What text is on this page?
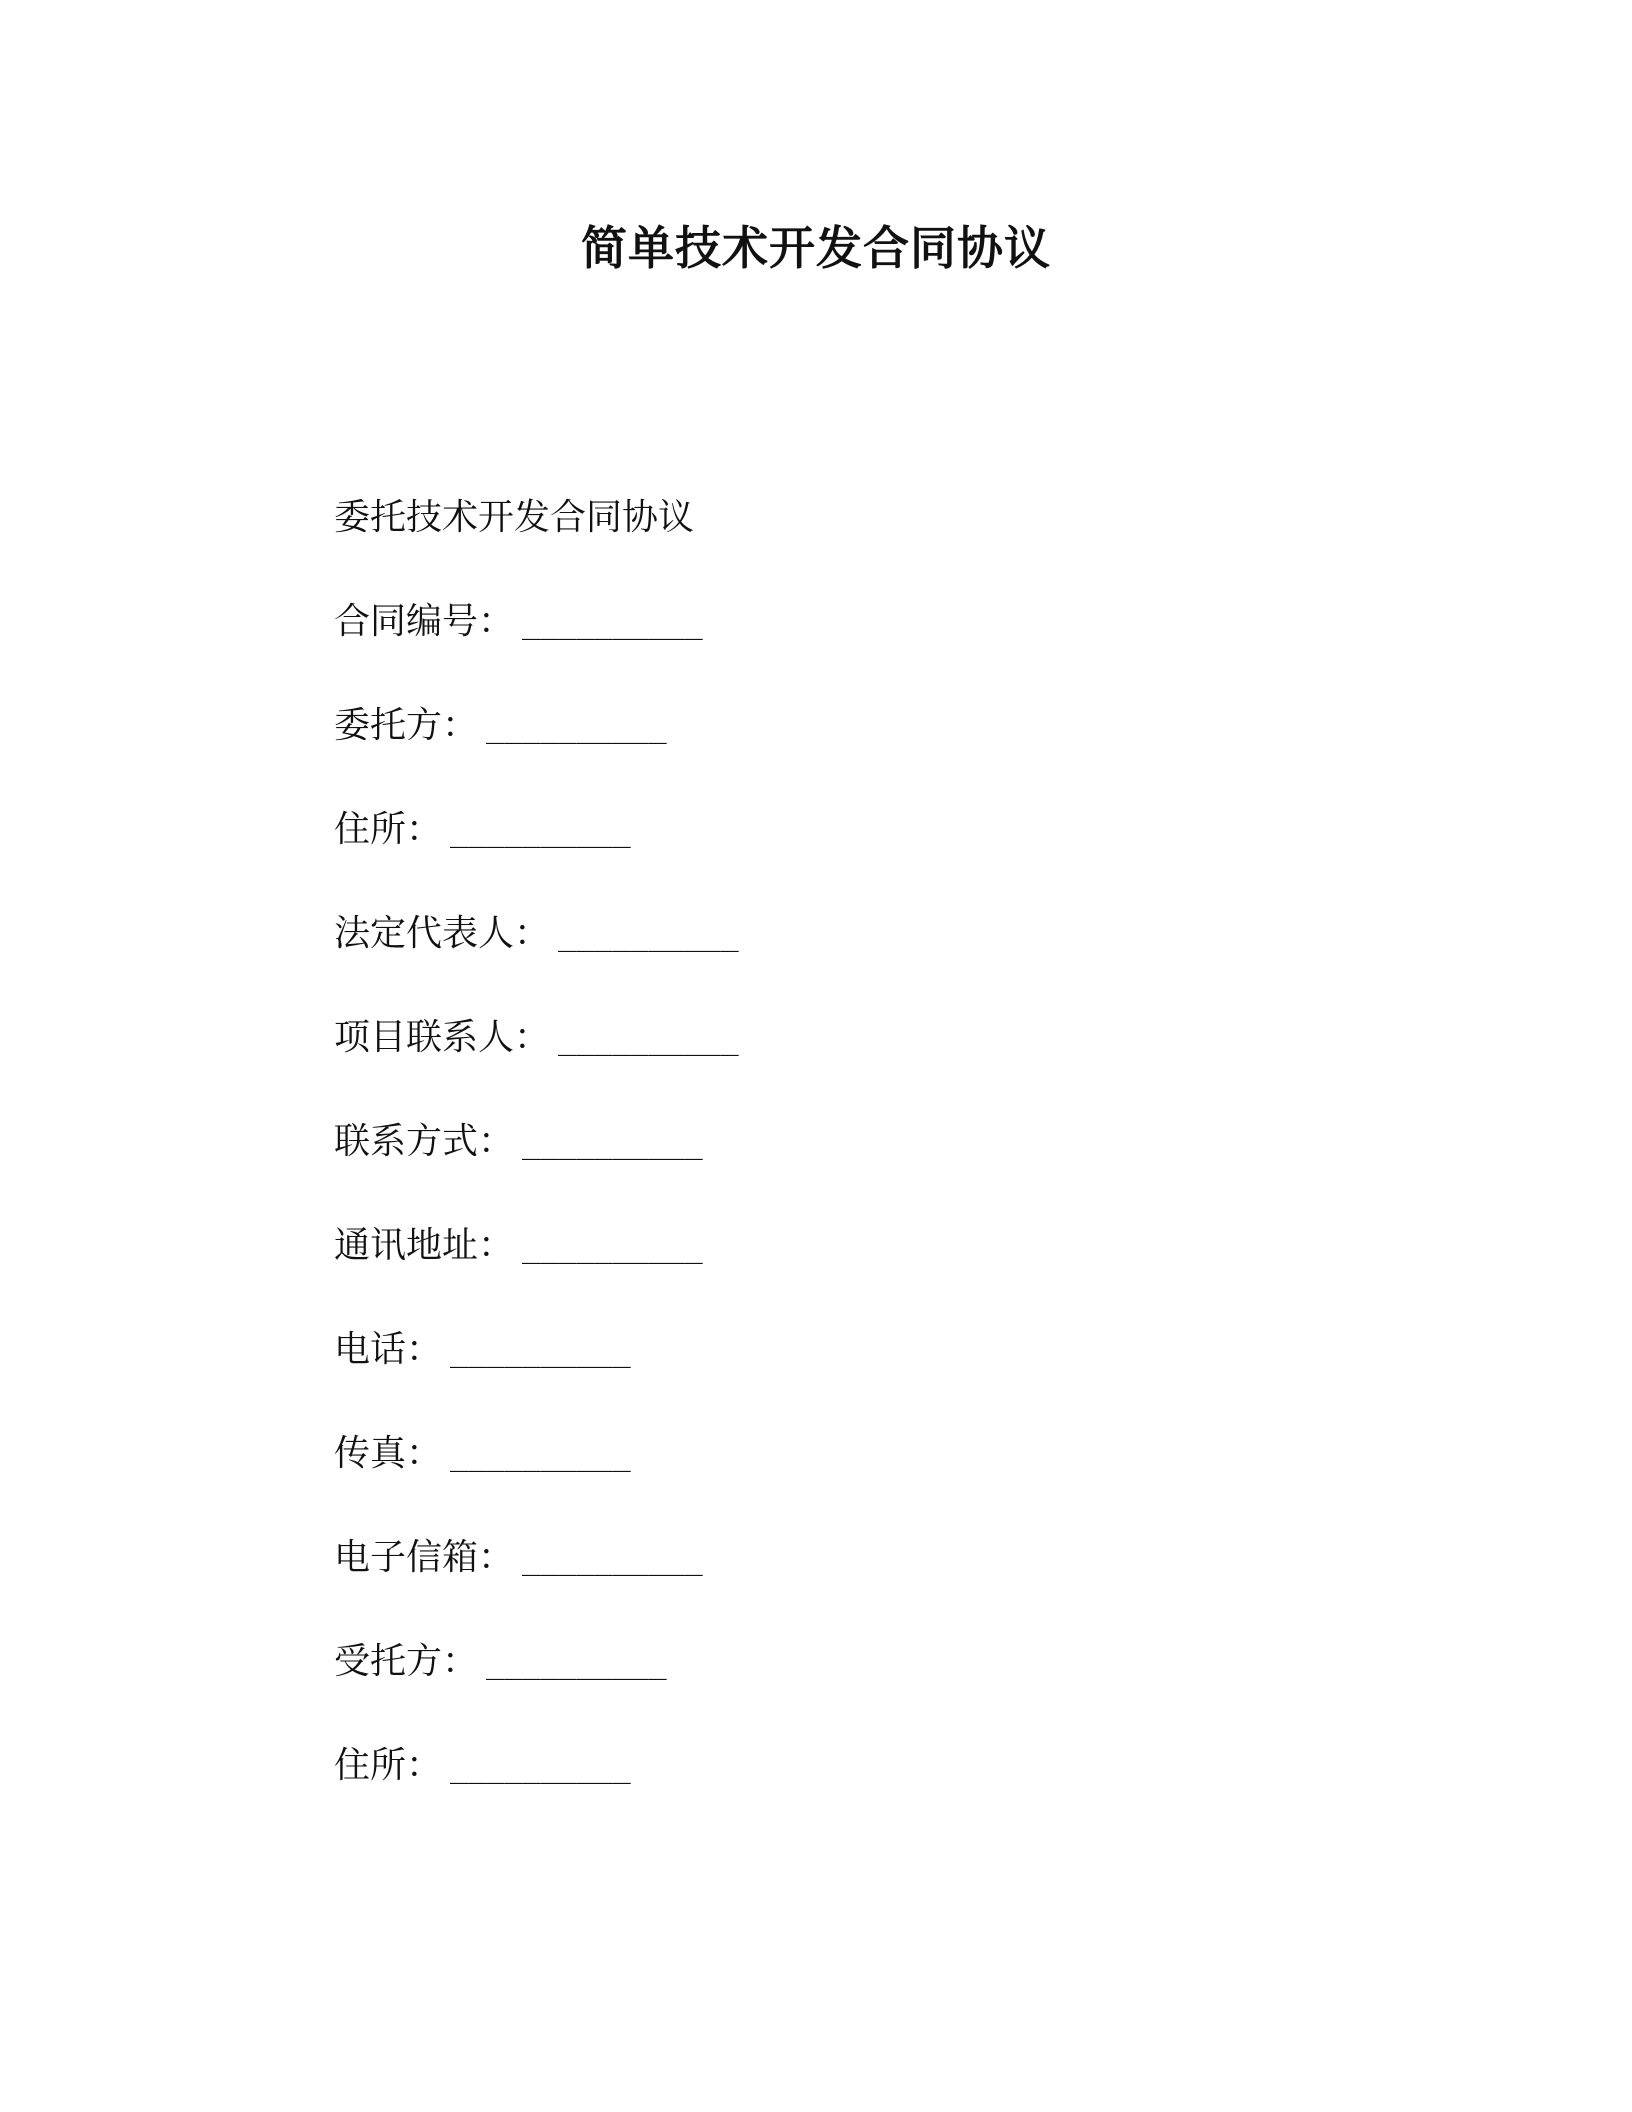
简单技术开发合同协议
委托技术开发合同协议
合同编号 ： __________
委托方 ： __________
住所 ： __________
法定代表人 ： __________
项目联系人 ： __________
联系方式 ： __________
通讯地址 ： __________
电话 ： __________
传真 ： __________
电子信箱 ： __________
受托方 ： __________
住所 ： __________
